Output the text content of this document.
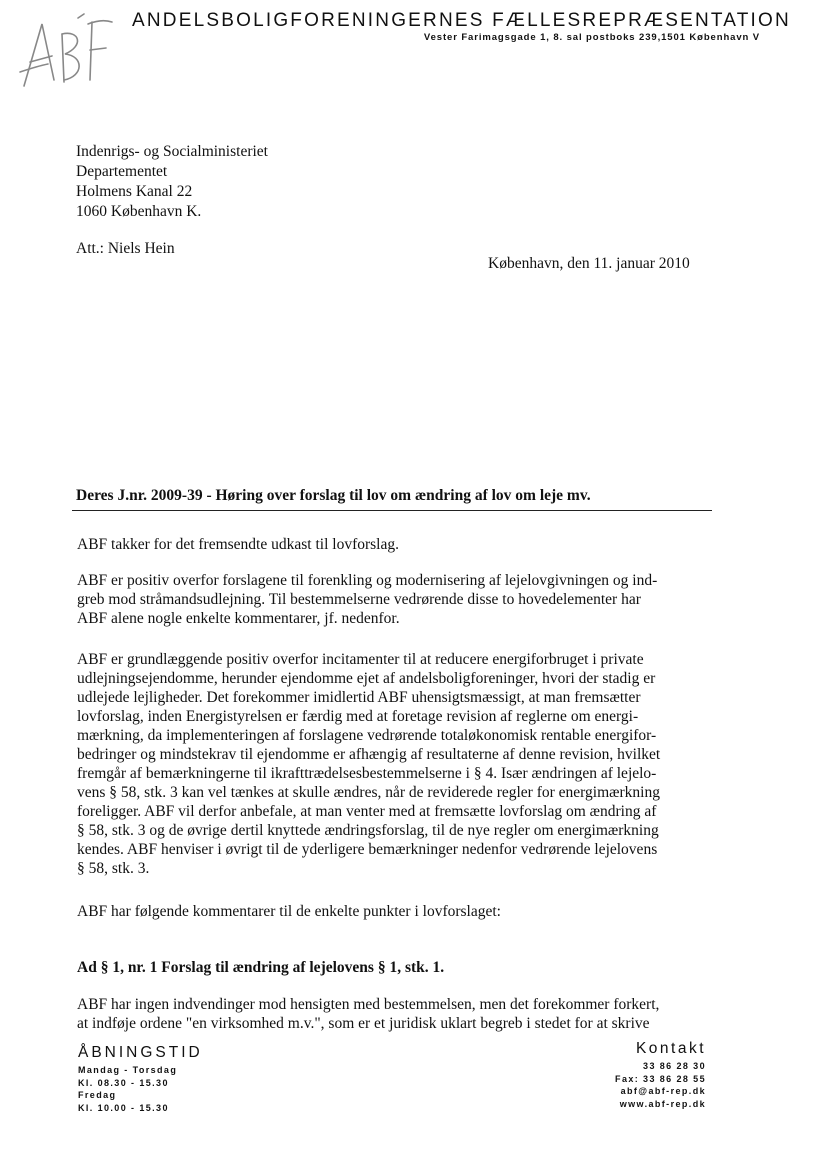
ANDELSBOLIGFORENINGERNES FÆLLESREPRÆSENTATION
Vester Farimagsgade 1, 8. sal postboks 239,1501 København V
Indenrigs- og Socialministeriet
Departementet
Holmens Kanal 22
1060 København K.
Att.: Niels Hein
København, den 11. januar 2010
Deres J.nr. 2009-39 - Høring over forslag til lov om ændring af lov om leje mv.
ABF takker for det fremsendte udkast til lovforslag.
ABF er positiv overfor forslagene til forenkling og modernisering af lejelovgivningen og ind-
greb mod stråmandsudlejning. Til bestemmelserne vedrørende disse to hovedelementer har
ABF alene nogle enkelte kommentarer, jf. nedenfor.
ABF er grundlæggende positiv overfor incitamenter til at reducere energiforbruget i private
udlejningsejendomme, herunder ejendomme ejet af andelsboligforeninger, hvori der stadig er
udlejede lejligheder. Det forekommer imidlertid ABF uhensigtsmæssigt, at man fremsætter
lovforslag, inden Energistyrelsen er færdig med at foretage revision af reglerne om energi-
mærkning, da implementeringen af forslagene vedrørende totaløkonomisk rentable energifor-
bedringer og mindstekrav til ejendomme er afhængig af resultaterne af denne revision, hvilket
fremgår af bemærkningerne til ikrafttrædelsesbestemmelserne i § 4. Især ændringen af lejelo-
vens § 58, stk. 3 kan vel tænkes at skulle ændres, når de reviderede regler for energimærkning
foreligger. ABF vil derfor anbefale, at man venter med at fremsætte lovforslag om ændring af
§ 58, stk. 3 og de øvrige dertil knyttede ændringsforslag, til de nye regler om energimærkning
kendes. ABF henviser i øvrigt til de yderligere bemærkninger nedenfor vedrørende lejelovens
§ 58, stk. 3.
ABF har følgende kommentarer til de enkelte punkter i lovforslaget:
Ad § 1, nr. 1 Forslag til ændring af lejelovens § 1, stk. 1.
ABF har ingen indvendinger mod hensigten med bestemmelsen, men det forekommer forkert,
at indføje ordene "en virksomhed m.v.", som er et juridisk uklart begreb i stedet for at skrive
ÅBNINGSTID
Mandag - Torsdag
Kl. 08.30 - 15.30
Fredag
Kl. 10.00 - 15.30
Kontakt
33 86 28 30
Fax: 33 86 28 55
abf@abf-rep.dk
www.abf-rep.dk
